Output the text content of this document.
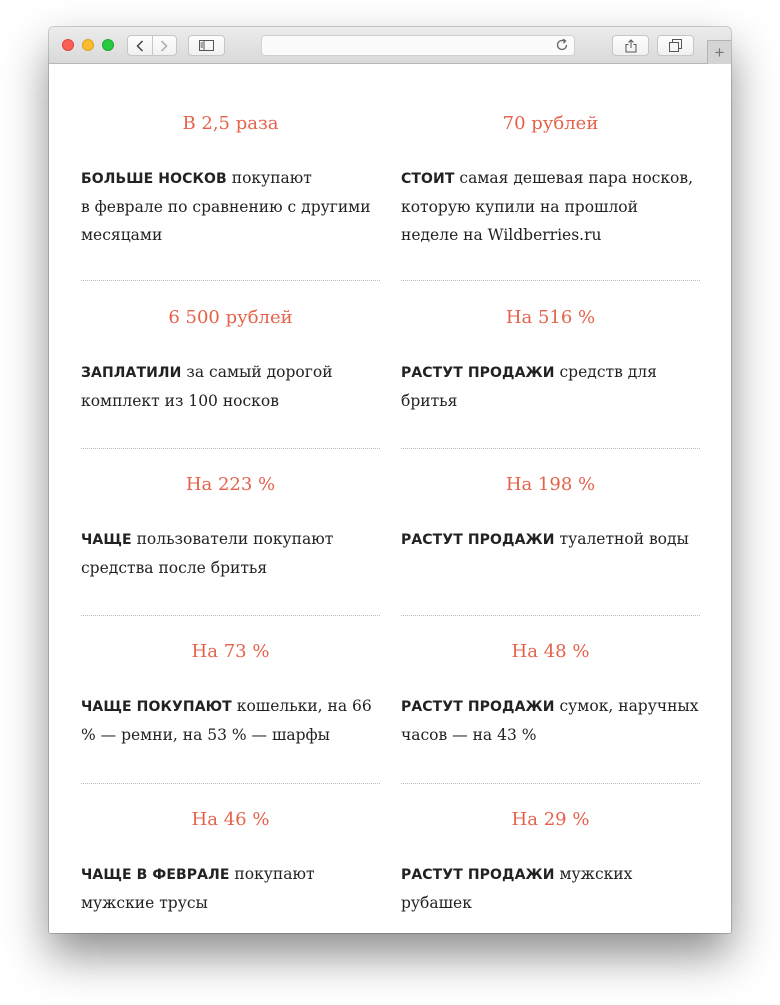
+
В 2,5 раза
БОЛЬШЕ НОСКОВ покупают
в феврале по сравнению с другими месяцами
70 рублей
СТОИТ самая дешевая пара носков, которую купили на прошлой неделе на Wildberries.ru
6 500 рублей
ЗАПЛАТИЛИ за самый дорогой комплект из 100 носков
На 516 %
РАСТУТ ПРОДАЖИ средств для бритья
На 223 %
ЧАЩЕ пользователи покупают средства после бритья
На 198 %
РАСТУТ ПРОДАЖИ туалетной воды
На 73 %
ЧАЩЕ ПОКУПАЮТ кошельки, на 66 % — ремни, на 53 % — шарфы
На 48 %
РАСТУТ ПРОДАЖИ сумок, наручных часов — на 43 %
На 46 %
ЧАЩЕ В ФЕВРАЛЕ покупают мужские трусы
На 29 %
РАСТУТ ПРОДАЖИ мужских рубашек
